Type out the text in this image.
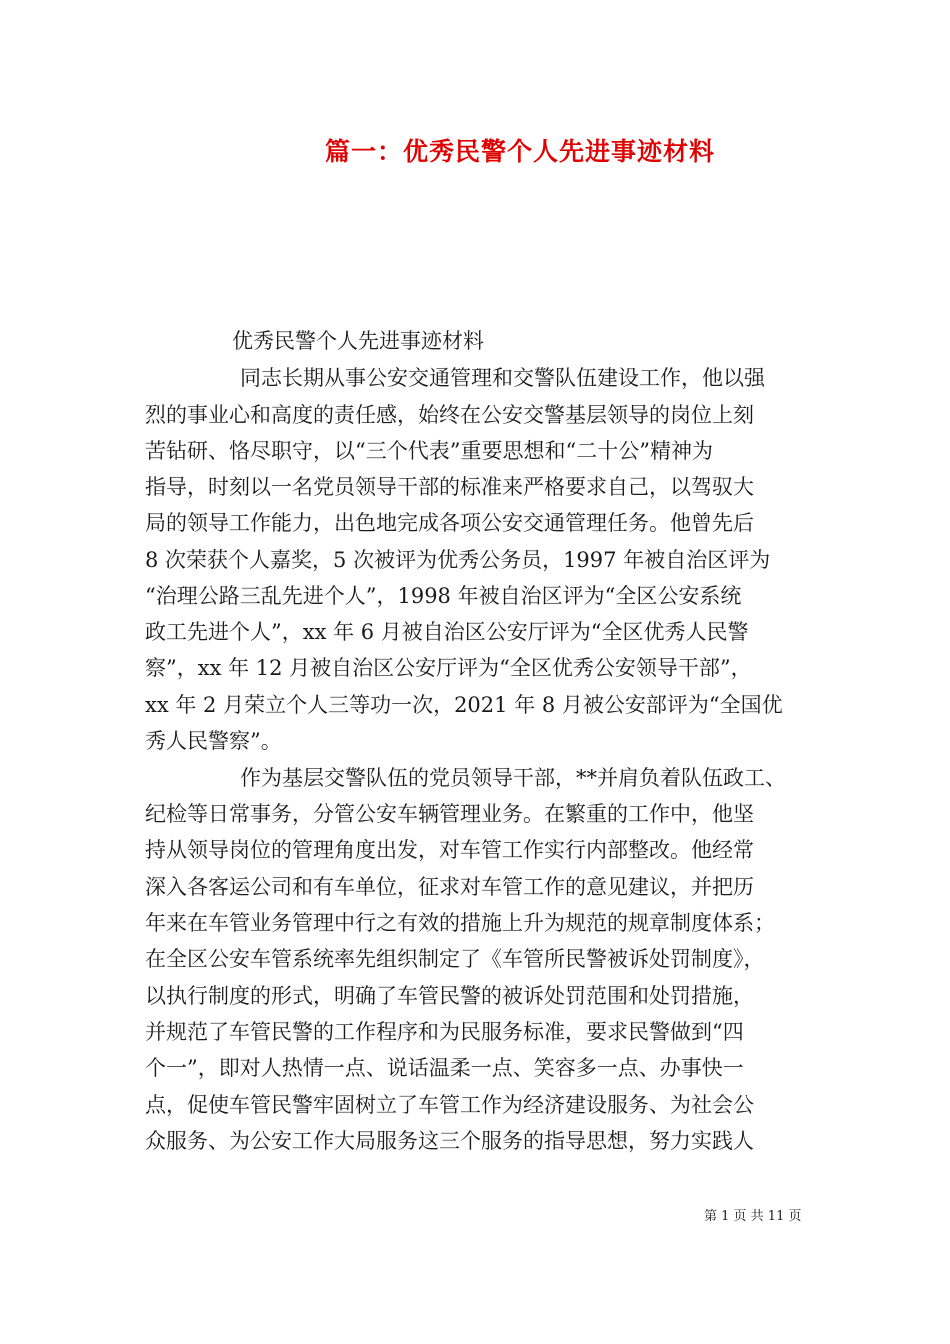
篇一：优秀民警个人先进事迹材料
优秀民警个人先进事迹材料
同志长期从事公安交通管理和交警队伍建设工作，他以强
烈的事业心和高度的责任感，始终在公安交警基层领导的岗位上刻
苦钻研、恪尽职守，以“三个代表”重要思想和“二十公”精神为
指导，时刻以一名党员领导干部的标准来严格要求自己，以驾驭大
局的领导工作能力，出色地完成各项公安交通管理任务。他曾先后
8 次荣获个人嘉奖，5 次被评为优秀公务员，1997 年被自治区评为
“治理公路三乱先进个人”，1998 年被自治区评为“全区公安系统
政工先进个人”，xx 年 6 月被自治区公安厅评为“全区优秀人民警
察”，xx 年 12 月被自治区公安厅评为“全区优秀公安领导干部”，
xx 年 2 月荣立个人三等功一次，2021 年 8 月被公安部评为“全国优
秀人民警察”。
作为基层交警队伍的党员领导干部，**并肩负着队伍政工、
纪检等日常事务，分管公安车辆管理业务。在繁重的工作中，他坚
持从领导岗位的管理角度出发，对车管工作实行内部整改。他经常
深入各客运公司和有车单位，征求对车管工作的意见建议，并把历
年来在车管业务管理中行之有效的措施上升为规范的规章制度体系；
在全区公安车管系统率先组织制定了《车管所民警被诉处罚制度》，
以执行制度的形式，明确了车管民警的被诉处罚范围和处罚措施，
并规范了车管民警的工作程序和为民服务标准，要求民警做到“四
个一”，即对人热情一点、说话温柔一点、笑容多一点、办事快一
点，促使车管民警牢固树立了车管工作为经济建设服务、为社会公
众服务、为公安工作大局服务这三个服务的指导思想，努力实践人
第 1 页 共 11 页
